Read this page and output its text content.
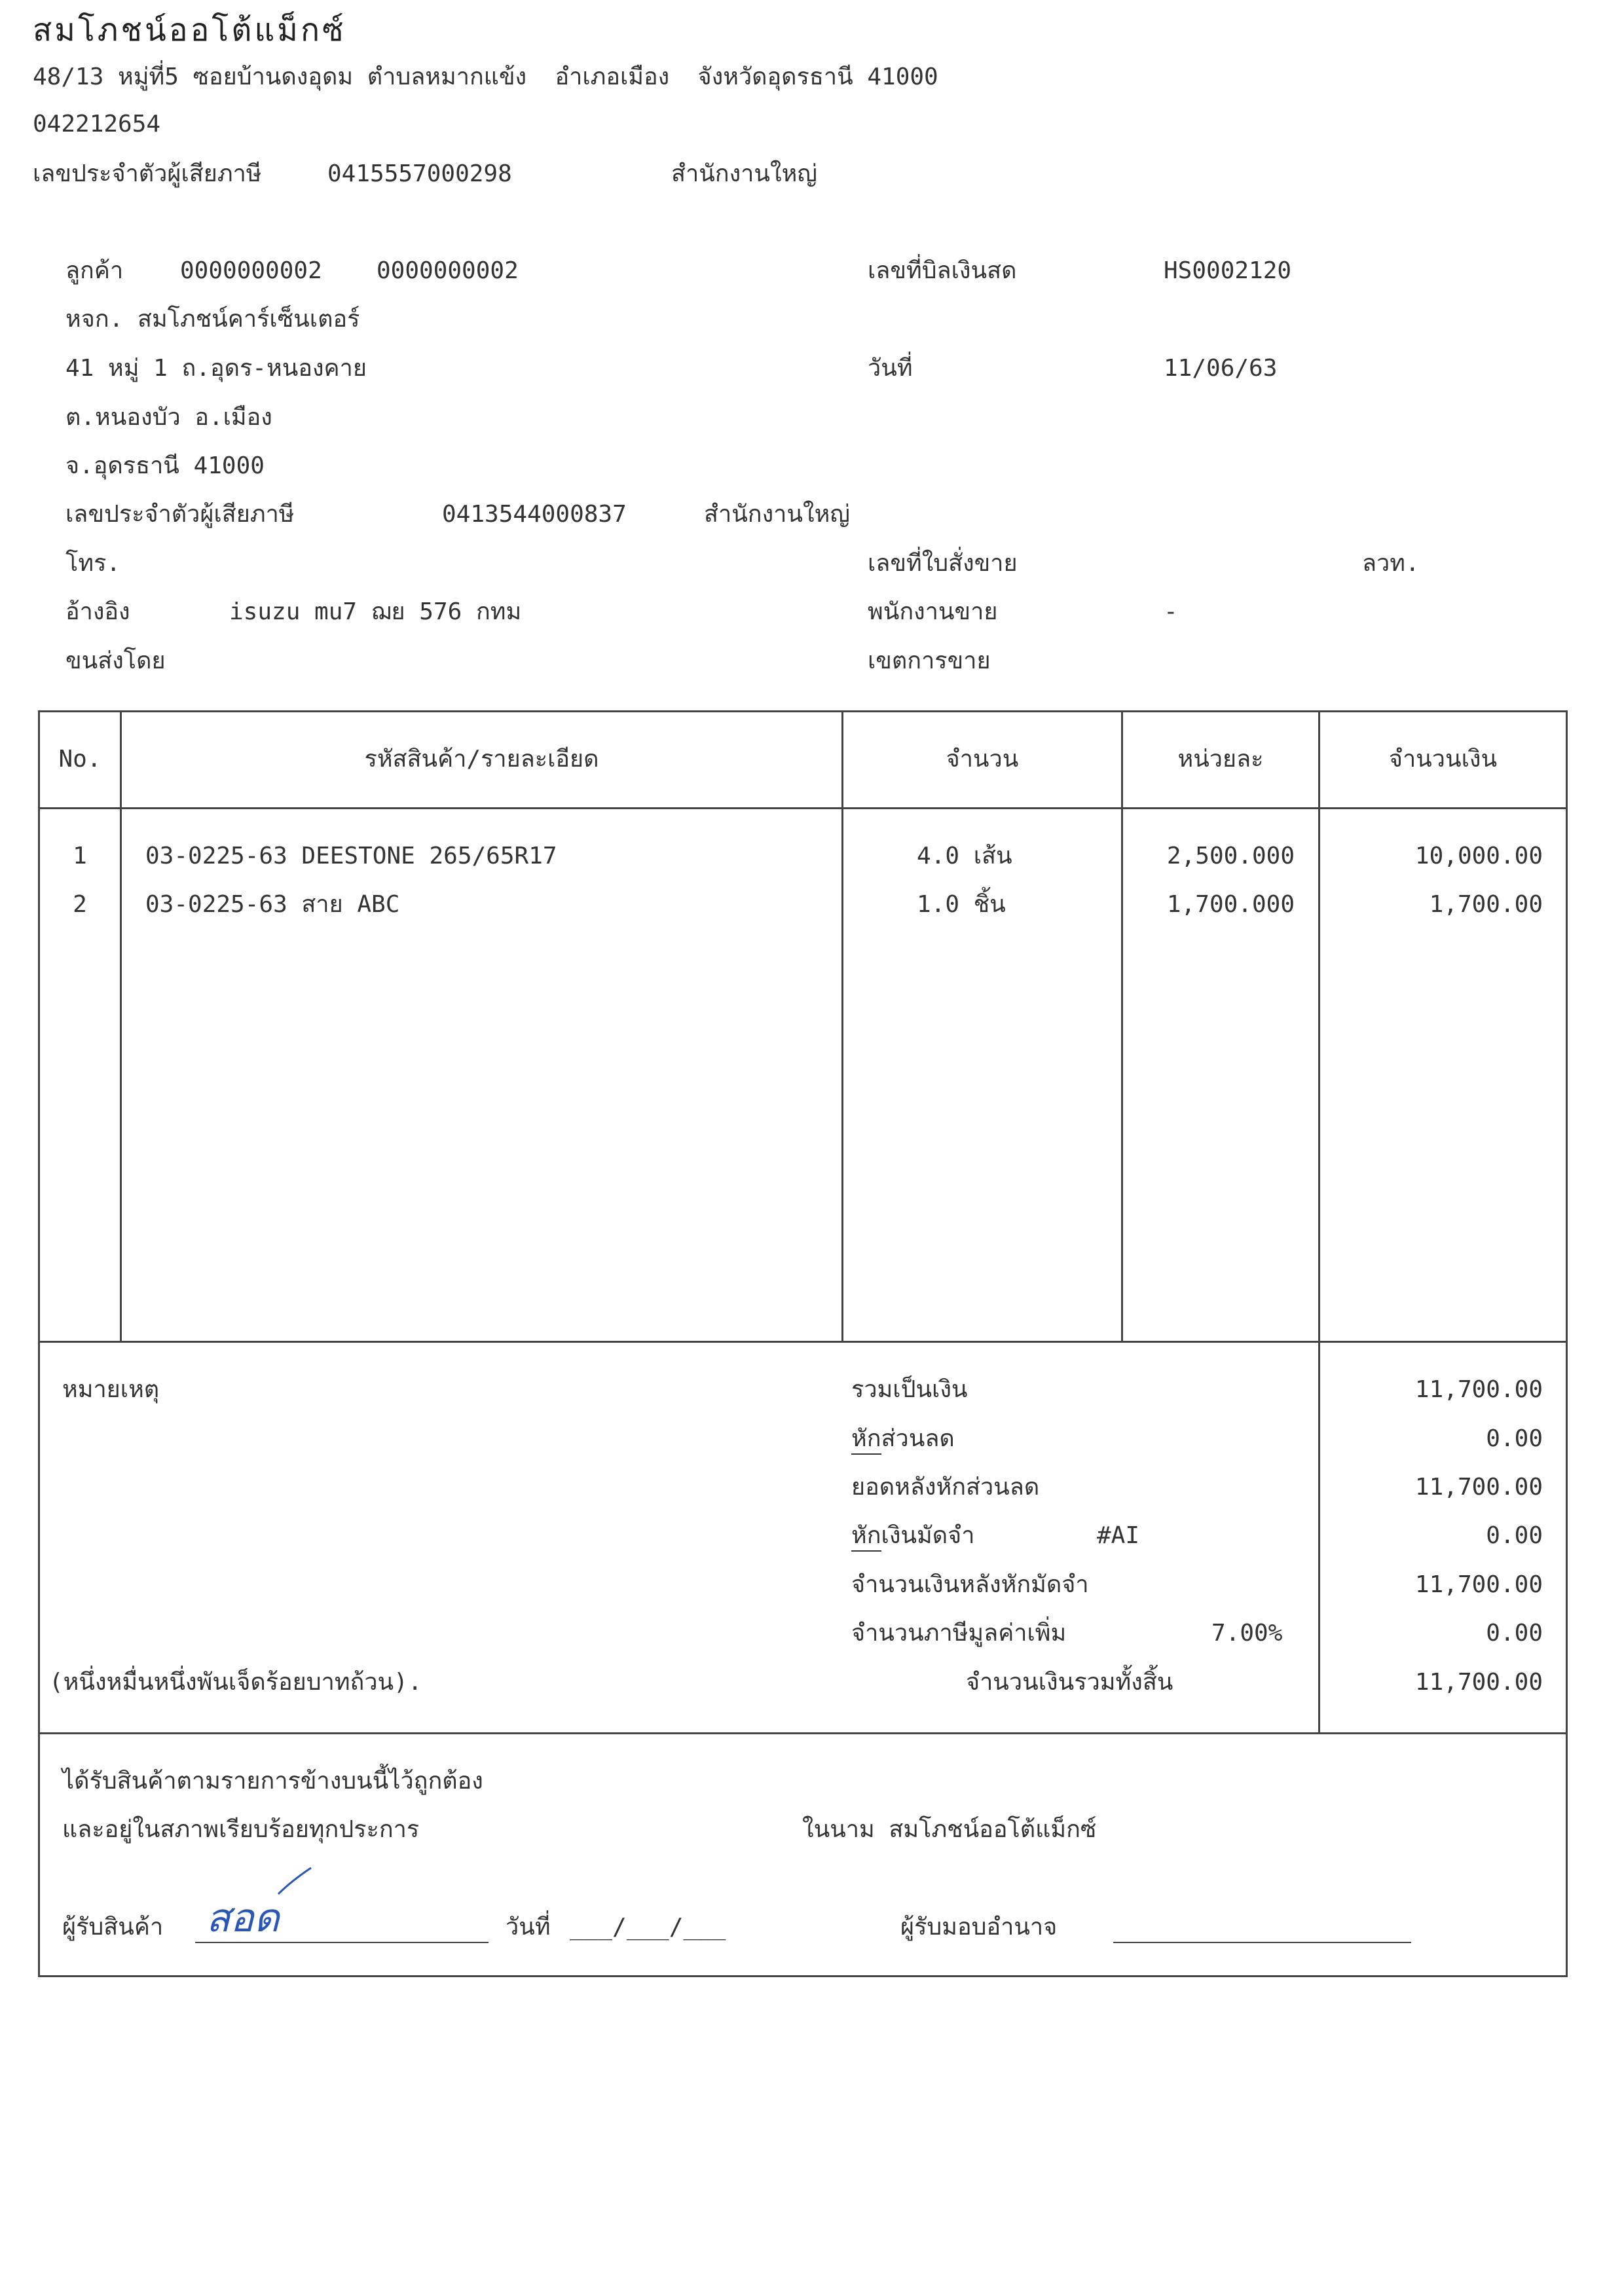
สมโภชน์ออโต้แม็กซ์
48/13 หมู่ที่5 ซอยบ้านดงอุดม ตำบลหมากแข้ง  อำเภอเมือง  จังหวัดอุดรธานี 41000
042212654
เลขประจำตัวผู้เสียภาษี	0415557000298	สำนักงานใหญ่
ลูกค้า 0000000002 0000000002
หจก. สมโภชน์คาร์เซ็นเตอร์
41 หมู่ 1 ถ.อุดร-หนองคาย
ต.หนองบัว อ.เมือง
จ.อุดรธานี 41000
เลขประจำตัวผู้เสียภาษี	0413544000837	สำนักงานใหญ่
โทร.
อ้างอิง	isuzu mu7 ฌย 576 กทม
ขนส่งโดย
เลขที่บิลเงินสด	HS0002120
วันที่	11/06/63
เลขที่ใบสั่งขาย	ลวท.
พนักงานขาย	-
เขตการขาย
No.	รหัสสินค้า/รายละเอียด	จำนวน	หน่วยละ	จำนวนเงิน
1	03-0225-63 DEESTONE 265/65R17	4.0 เส้น	2,500.000	10,000.00
2	03-0225-63 สาย ABC	1.0 ชิ้น	1,700.000	1,700.00
หมายเหตุ	รวมเป็นเงิน	11,700.00
หักส่วนลด	0.00
ยอดหลังหักส่วนลด	11,700.00
หักเงินมัดจำ	#AI	0.00
จำนวนเงินหลังหักมัดจำ	11,700.00
จำนวนภาษีมูลค่าเพิ่ม	7.00%	0.00
(หนึ่งหมื่นหนึ่งพันเจ็ดร้อยบาทถ้วน).	จำนวนเงินรวมทั้งสิ้น	11,700.00
ได้รับสินค้าตามรายการข้างบนนี้ไว้ถูกต้อง
และอยู่ในสภาพเรียบร้อยทุกประการ	ในนาม สมโภชน์ออโต้แม็กซ์
ผู้รับสินค้า สอด	วันที่ ___/___/___	ผู้รับมอบอำนาจ
